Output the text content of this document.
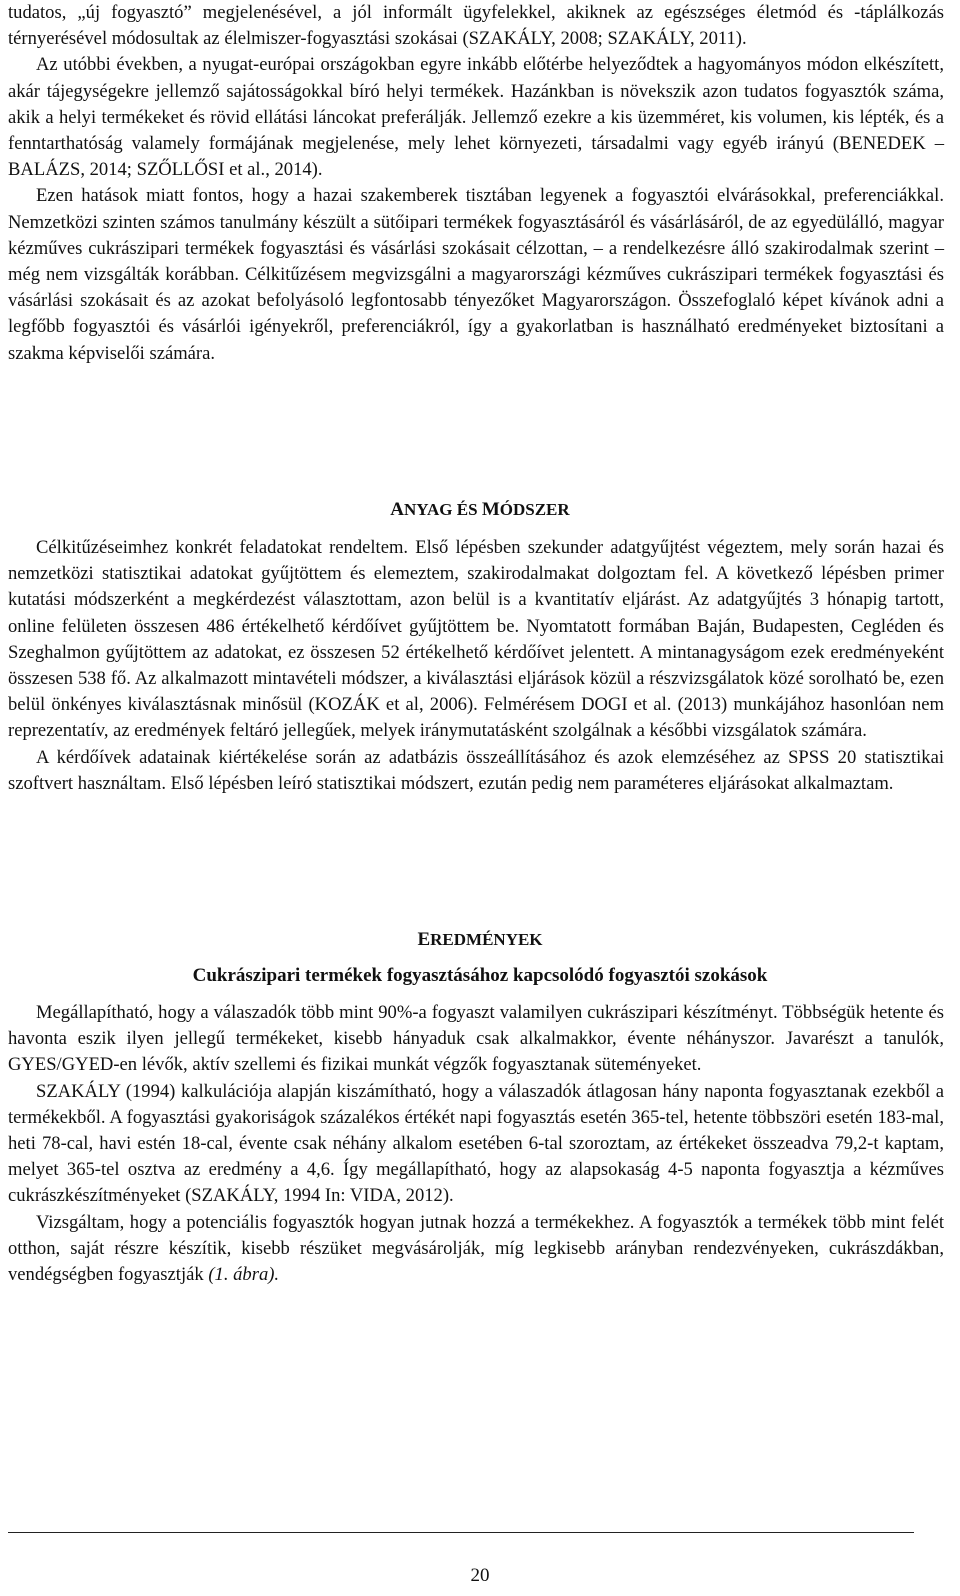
tudatos, „új fogyasztó” megjelenésével, a jól informált ügyfelekkel, akiknek az egészséges életmód és -táplálkozás térnyerésével módosultak az élelmiszer-fogyasztási szokásai (SZAKÁLY, 2008; SZAKÁLY, 2011).

Az utóbbi években, a nyugat-európai országokban egyre inkább előtérbe helyeződtek a hagyományos módon elkészített, akár tájegységekre jellemző sajátosságokkal bíró helyi termékek. Hazánkban is növekszik azon tudatos fogyasztók száma, akik a helyi termékeket és rövid ellátási láncokat preferálják. Jellemző ezekre a kis üzemméret, kis volumen, kis lépték, és a fenntarthatóság valamely formájának megjelenése, mely lehet környezeti, társadalmi vagy egyéb irányú (BENEDEK – BALÁZS, 2014; SZŐLLŐSI et al., 2014).

Ezen hatások miatt fontos, hogy a hazai szakemberek tisztában legyenek a fogyasztói elvárásokkal, preferenciákkal. Nemzetközi szinten számos tanulmány készült a sütőipari termékek fogyasztásáról és vásárlásáról, de az egyedülálló, magyar kézműves cukrászipari termékek fogyasztási és vásárlási szokásait célzottan, – a rendelkezésre álló szakirodalmak szerint – még nem vizsgálták korábban. Célkitűzésem megvizsgálni a magyarországi kézműves cukrászipari termékek fogyasztási és vásárlási szokásait és az azokat befolyásoló legfontosabb tényezőket Magyarországon. Összefoglaló képet kívánok adni a legfőbb fogyasztói és vásárlói igényekről, preferenciákról, így a gyakorlatban is használható eredményeket biztosítani a szakma képviselői számára.

ANYAG ÉS MÓDSZER

Célkitűzéseimhez konkrét feladatokat rendeltem. Első lépésben szekunder adatgyűjtést végeztem, mely során hazai és nemzetközi statisztikai adatokat gyűjtöttem és elemeztem, szakirodalmakat dolgoztam fel. A következő lépésben primer kutatási módszerként a megkérdezést választottam, azon belül is a kvantitatív eljárást. Az adatgyűjtés 3 hónapig tartott, online felületen összesen 486 értékelhető kérdőívet gyűjtöttem be. Nyomtatott formában Baján, Budapesten, Cegléden és Szeghalmon gyűjtöttem az adatokat, ez összesen 52 értékelhető kérdőívet jelentett. A mintanagyságom ezek eredményeként összesen 538 fő. Az alkalmazott mintavételi módszer, a kiválasztási eljárások közül a részvizsgálatok közé sorolható be, ezen belül önkényes kiválasztásnak minősül (KOZÁK et al, 2006). Felmérésem DOGI et al. (2013) munkájához hasonlóan nem reprezentatív, az eredmények feltáró jellegűek, melyek iránymutatásként szolgálnak a későbbi vizsgálatok számára.

A kérdőívek adatainak kiértékelése során az adatbázis összeállításához és azok elemzéséhez az SPSS 20 statisztikai szoftvert használtam. Első lépésben leíró statisztikai módszert, ezután pedig nem paraméteres eljárásokat alkalmaztam.

EREDMÉNYEK
Cukrászipari termékek fogyasztásához kapcsolódó fogyasztói szokások

Megállapítható, hogy a válaszadók több mint 90%-a fogyaszt valamilyen cukrászipari készítményt. Többségük hetente és havonta eszik ilyen jellegű termékeket, kisebb hányaduk csak alkalmakkor, évente néhányszor. Javarészt a tanulók, GYES/GYED-en lévők, aktív szellemi és fizikai munkát végzők fogyasztanak süteményeket.

SZAKÁLY (1994) kalkulációja alapján kiszámítható, hogy a válaszadók átlagosan hány naponta fogyasztanak ezekből a termékekből. A fogyasztási gyakoriságok százalékos értékét napi fogyasztás esetén 365-tel, hetente többszöri esetén 183-mal, heti 78-cal, havi estén 18-cal, évente csak néhány alkalom esetében 6-tal szoroztam, az értékeket összeadva 79,2-t kaptam, melyet 365-tel osztva az eredmény a 4,6. Így megállapítható, hogy az alapsokaság 4-5 naponta fogyasztja a kézműves cukrászkészítményeket (SZAKÁLY, 1994 In: VIDA, 2012).

Vizsgáltam, hogy a potenciális fogyasztók hogyan jutnak hozzá a termékekhez. A fogyasztók a termékek több mint felét otthon, saját részre készítik, kisebb részüket megvásárolják, míg legkisebb arányban rendezvényeken, cukrászdákban, vendégségben fogyasztják (1. ábra).

20
